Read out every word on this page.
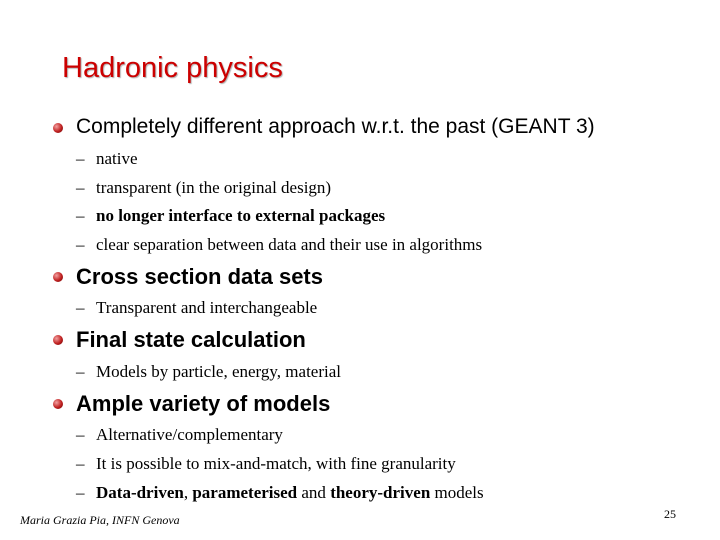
Hadronic physics
Completely different approach w.r.t. the past (GEANT 3)
– native
– transparent (in the original design)
– no longer interface to external packages
– clear separation between data and their use in algorithms
Cross section data sets
– Transparent and interchangeable
Final state calculation
– Models by particle, energy, material
Ample variety of models
– Alternative/complementary
– It is possible to mix-and-match, with fine granularity
– Data-driven, parameterised and theory-driven models
Maria Grazia Pia, INFN Genova	25
